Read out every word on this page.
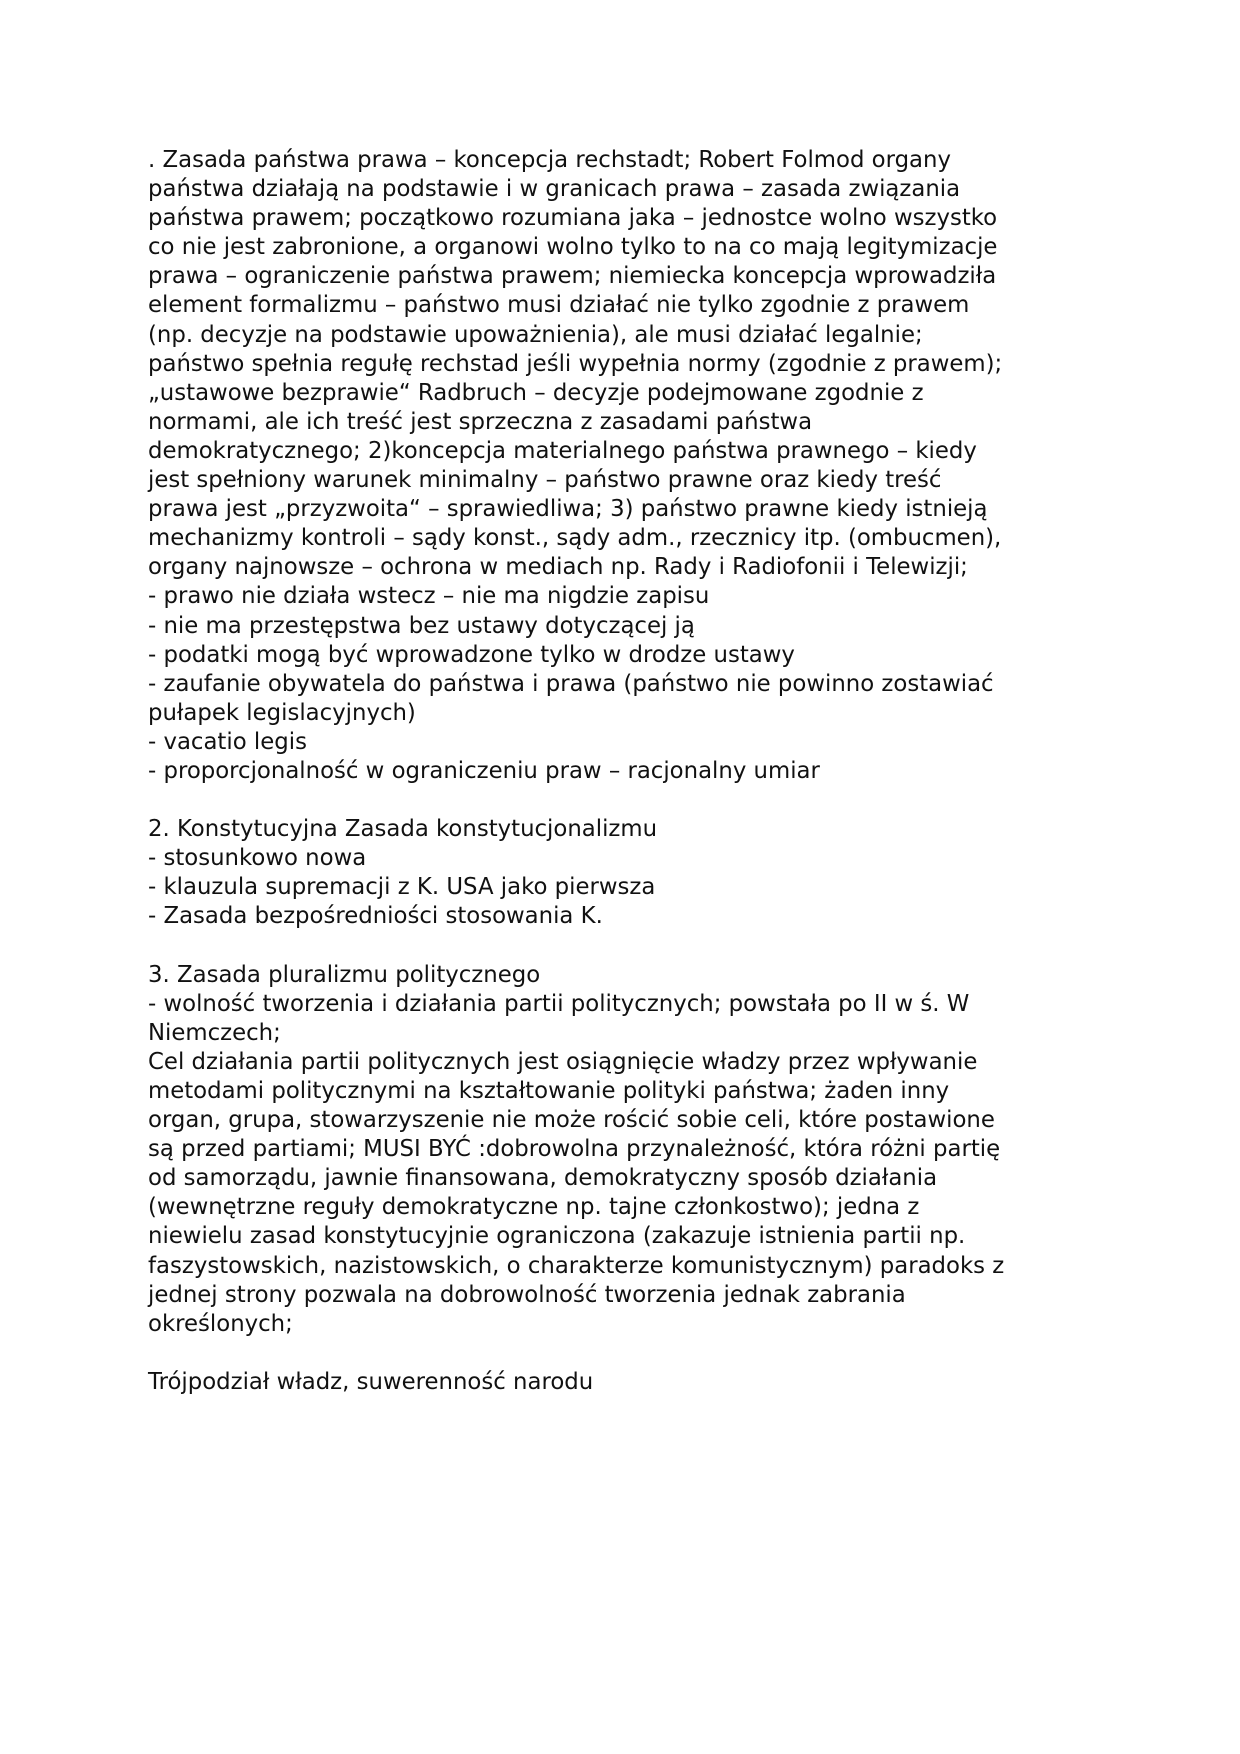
. Zasada państwa prawa – koncepcja rechstadt; Robert Folmod organy
państwa działają na podstawie i w granicach prawa – zasada związania
państwa prawem; początkowo rozumiana jaka – jednostce wolno wszystko
co nie jest zabronione, a organowi wolno tylko to na co mają legitymizacje
prawa – ograniczenie państwa prawem; niemiecka koncepcja wprowadziła
element formalizmu – państwo musi działać nie tylko zgodnie z prawem
(np. decyzje na podstawie upoważnienia), ale musi działać legalnie;
państwo spełnia regułę rechstad jeśli wypełnia normy (zgodnie z prawem);
„ustawowe bezprawie“ Radbruch – decyzje podejmowane zgodnie z
normami, ale ich treść jest sprzeczna z zasadami państwa
demokratycznego; 2)koncepcja materialnego państwa prawnego – kiedy
jest spełniony warunek minimalny – państwo prawne oraz kiedy treść
prawa jest „przyzwoita“ – sprawiedliwa; 3) państwo prawne kiedy istnieją
mechanizmy kontroli – sądy konst., sądy adm., rzecznicy itp. (ombucmen),
organy najnowsze – ochrona w mediach np. Rady i Radiofonii i Telewizji;
- prawo nie działa wstecz – nie ma nigdzie zapisu
- nie ma przestępstwa bez ustawy dotyczącej ją
- podatki mogą być wprowadzone tylko w drodze ustawy
- zaufanie obywatela do państwa i prawa (państwo nie powinno zostawiać
pułapek legislacyjnych)
- vacatio legis
- proporcjonalność w ograniczeniu praw – racjonalny umiar
2. Konstytucyjna Zasada konstytucjonalizmu
- stosunkowo nowa
- klauzula supremacji z K. USA jako pierwsza
- Zasada bezpośredniości stosowania K.
3. Zasada pluralizmu politycznego
- wolność tworzenia i działania partii politycznych; powstała po II w ś. W
Niemczech;
Cel działania partii politycznych jest osiągnięcie władzy przez wpływanie
metodami politycznymi na kształtowanie polityki państwa; żaden inny
organ, grupa, stowarzyszenie nie może rościć sobie celi, które postawione
są przed partiami; MUSI BYĆ :dobrowolna przynależność, która różni partię
od samorządu, jawnie finansowana, demokratyczny sposób działania
(wewnętrzne reguły demokratyczne np. tajne członkostwo); jedna z
niewielu zasad konstytucyjnie ograniczona (zakazuje istnienia partii np.
faszystowskich, nazistowskich, o charakterze komunistycznym) paradoks z
jednej strony pozwala na dobrowolność tworzenia jednak zabrania
określonych;
Trójpodział władz, suwerenność narodu
